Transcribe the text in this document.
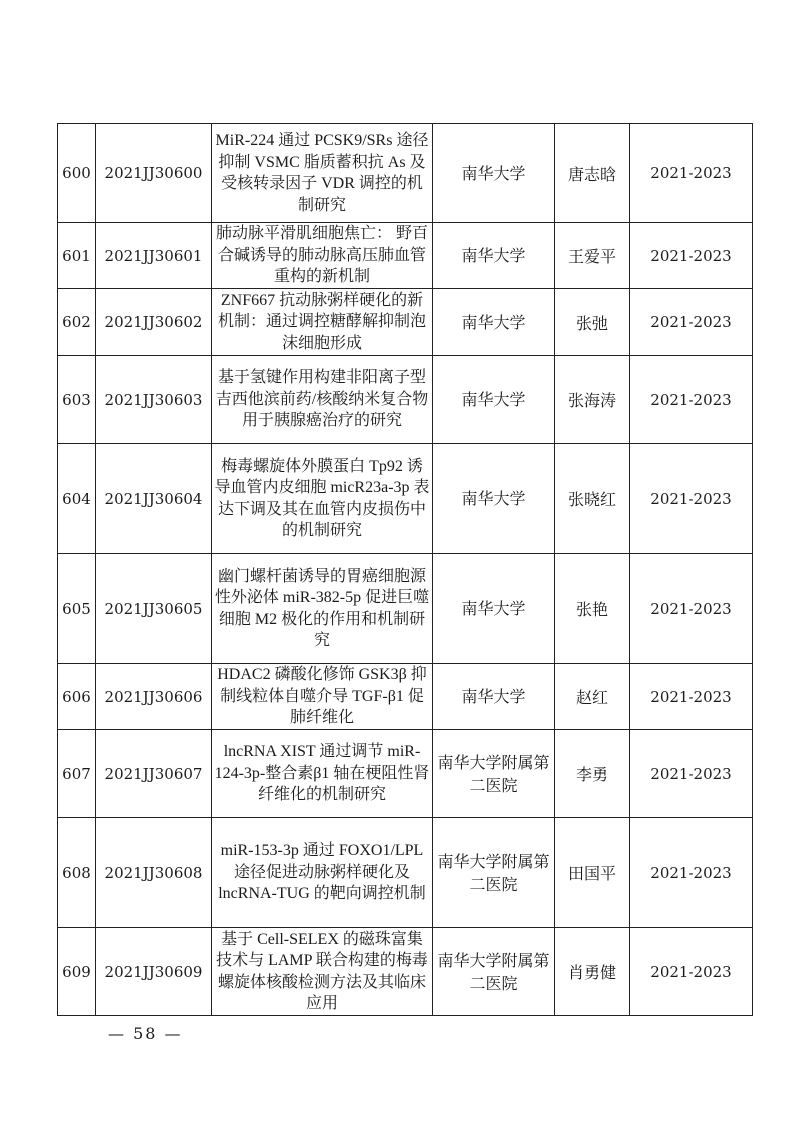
600	2021JJ30600	MiR-224 通过 PCSK9/SRs 途径抑制 VSMC 脂质蓄积抗 As 及受核转录因子 VDR 调控的机制研究	南华大学	唐志晗	2021-2023
601	2021JJ30601	肺动脉平滑肌细胞焦亡： 野百合碱诱导的肺动脉高压肺血管重构的新机制	南华大学	王爱平	2021-2023
602	2021JJ30602	ZNF667 抗动脉粥样硬化的新机制：通过调控糖酵解抑制泡沫细胞形成	南华大学	张弛	2021-2023
603	2021JJ30603	基于氢键作用构建非阳离子型吉西他滨前药/核酸纳米复合物用于胰腺癌治疗的研究	南华大学	张海涛	2021-2023
604	2021JJ30604	梅毒螺旋体外膜蛋白 Tp92 诱导血管内皮细胞 micR23a-3p 表达下调及其在血管内皮损伤中的机制研究	南华大学	张晓红	2021-2023
605	2021JJ30605	幽门螺杆菌诱导的胃癌细胞源性外泌体 miR-382-5p 促进巨噬细胞 M2 极化的作用和机制研究	南华大学	张艳	2021-2023
606	2021JJ30606	HDAC2 磷酸化修饰 GSK3β 抑制线粒体自噬介导 TGF-β1 促肺纤维化	南华大学	赵红	2021-2023
607	2021JJ30607	lncRNA XIST 通过调节 miR-124-3p-整合素β1 轴在梗阻性肾纤维化的机制研究	南华大学附属第二医院	李勇	2021-2023
608	2021JJ30608	miR-153-3p 通过 FOXO1/LPL 途径促进动脉粥样硬化及 lncRNA-TUG 的靶向调控机制	南华大学附属第二医院	田国平	2021-2023
609	2021JJ30609	基于 Cell-SELEX 的磁珠富集技术与 LAMP 联合构建的梅毒螺旋体核酸检测方法及其临床应用	南华大学附属第二医院	肖勇健	2021-2023
— 58 —
